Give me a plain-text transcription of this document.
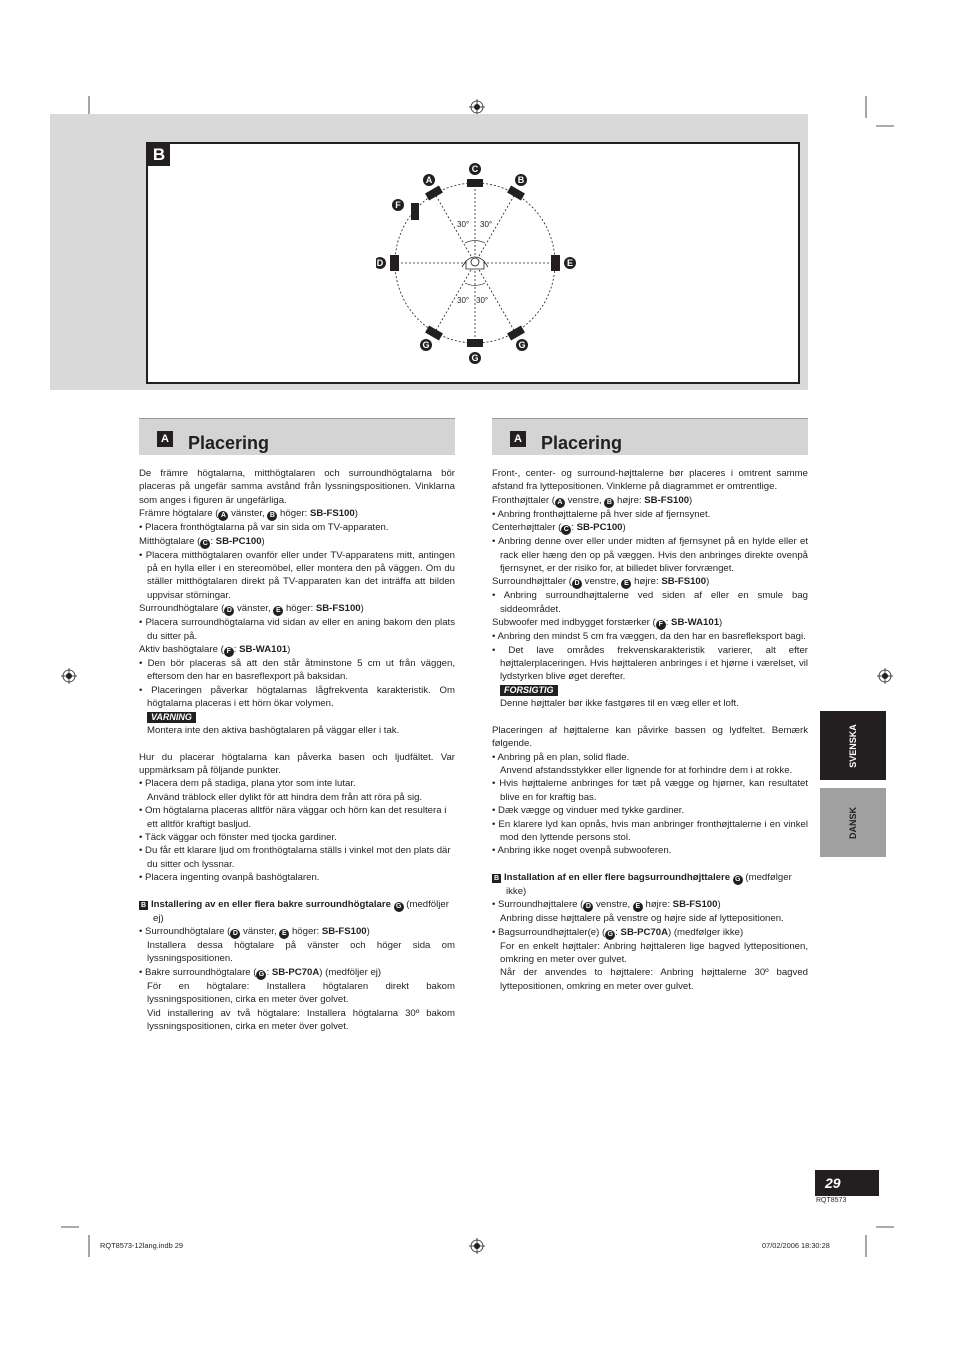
B
C
A	B
F
D	E
G
G
G
30° 30°
30° 30°
A Placering	A Placering

De främre högtalarna, mitthögtalaren och surroundhögtalarna bör placeras på ungefär samma avstånd från lyssningspositionen. Vinklarna som anges i figuren är ungefärliga.

Främre högtalare ( A vänster, B höger: SB-FS100)

• Placera fronthögtalarna på var sin sida om TV-apparaten.

Mitthögtalare ( C : SB-PC100)

• Placera mitthögtalaren ovanför eller under TV-apparatens mitt, antingen på en hylla eller i en stereomöbel, eller montera den på väggen. Om du ställer mitthögtalaren direkt på TV-apparaten kan det inträffa att bilden uppvisar störningar.

Surroundhögtalare ( D vänster, E höger: SB-FS100)

• Placera surroundhögtalarna vid sidan av eller en aning bakom den plats du sitter på.

Aktiv bashögtalare ( F : SB-WA101)

• Den bör placeras så att den står åtminstone 5 cm ut från väggen, eftersom den har en basreflexport på baksidan.

• Placeringen påverkar högtalarnas lågfrekventa karakteristik. Om högtalarna placeras i ett hörn ökar volymen.

VARNING

Montera inte den aktiva bashögtalaren på väggar eller i tak.

Hur du placerar högtalarna kan påverka basen och ljudfältet. Var uppmärksam på följande punkter.

• Placera dem på stadiga, plana ytor som inte lutar.

Använd träblock eller dylikt för att hindra dem från att röra på sig.

• Om högtalarna placeras alltför nära väggar och hörn kan det resultera i ett alltför kraftigt basljud.

• Täck väggar och fönster med tjocka gardiner.

• Du får ett klarare ljud om fronthögtalarna ställs i vinkel mot den plats där du sitter och lyssnar.

• Placera ingenting ovanpå bashögtalaren.

B Installering av en eller flera bakre surroundhögtalare G (medföljer ej)

• Surroundhögtalare ( D vänster, E höger: SB-FS100)

Installera dessa högtalare på vänster och höger sida om lyssningspositionen.

• Bakre surroundhögtalare ( G : SB-PC70A) (medföljer ej)

För en högtalare: Installera högtalaren direkt bakom lyssningspositionen, cirka en meter över golvet.

Vid installering av två högtalare: Installera högtalarna 30º bakom lyssningspositionen, cirka en meter över golvet.

Front-, center- og surround-højttalerne bør placeres i omtrent samme afstand fra lyttepositionen. Vinklerne på diagrammet er omtrentlige.

Fronthøjttaler ( A venstre, B højre: SB-FS100)

• Anbring fronthøjttalerne på hver side af fjernsynet.

Centerhøjttaler ( C : SB-PC100)

• Anbring denne over eller under midten af fjernsynet på en hylde eller et rack eller hæng den op på væggen. Hvis den anbringes direkte ovenpå fjernsynet, er der risiko for, at billedet bliver forvrænget.

Surroundhøjttaler ( D venstre, E højre: SB-FS100)

• Anbring surroundhøjttalerne ved siden af eller en smule bag siddeområdet.

Subwoofer med indbygget forstærker ( F : SB-WA101)

• Anbring den mindst 5 cm fra væggen, da den har en basrefleksport bagi.

• Det lave områdes frekvenskarakteristik varierer, alt efter højttalerplaceringen. Hvis højttaleren anbringes i et hjørne i værelset, vil lydstyrken blive øget derefter.

FORSIGTIG

Denne højttaler bør ikke fastgøres til en væg eller et loft.

Placeringen af højttalerne kan påvirke bassen og lydfeltet. Bemærk følgende.

• Anbring på en plan, solid flade.

Anvend afstandsstykker eller lignende for at forhindre dem i at rokke.

• Hvis højttalerne anbringes for tæt på vægge og hjørner, kan resultatet blive en for kraftig bas.

• Dæk vægge og vinduer med tykke gardiner.

• En klarere lyd kan opnås, hvis man anbringer fronthøjttalerne i en vinkel mod den lyttende persons stol.

• Anbring ikke noget ovenpå subwooferen.

B Installation af en eller flere bagsurroundhøjttalere G (medfølger ikke)

• Surroundhøjttalere ( D venstre, E højre: SB-FS100)

Anbring disse højttalere på venstre og højre side af lyttepositionen.

• Bagsurroundhøjttaler(e) ( G : SB-PC70A) (medfølger ikke)

For en enkelt højttaler: Anbring højttaleren lige bagved lyttepositionen, omkring en meter over gulvet.

Når der anvendes to højttalere: Anbring højttalerne 30º bagved lyttepositionen, omkring en meter over gulvet.

SVENSKA
DANSK
29
RQT8573
RQT8573-12lang.indb 29	07/02/2006 18:30:28
